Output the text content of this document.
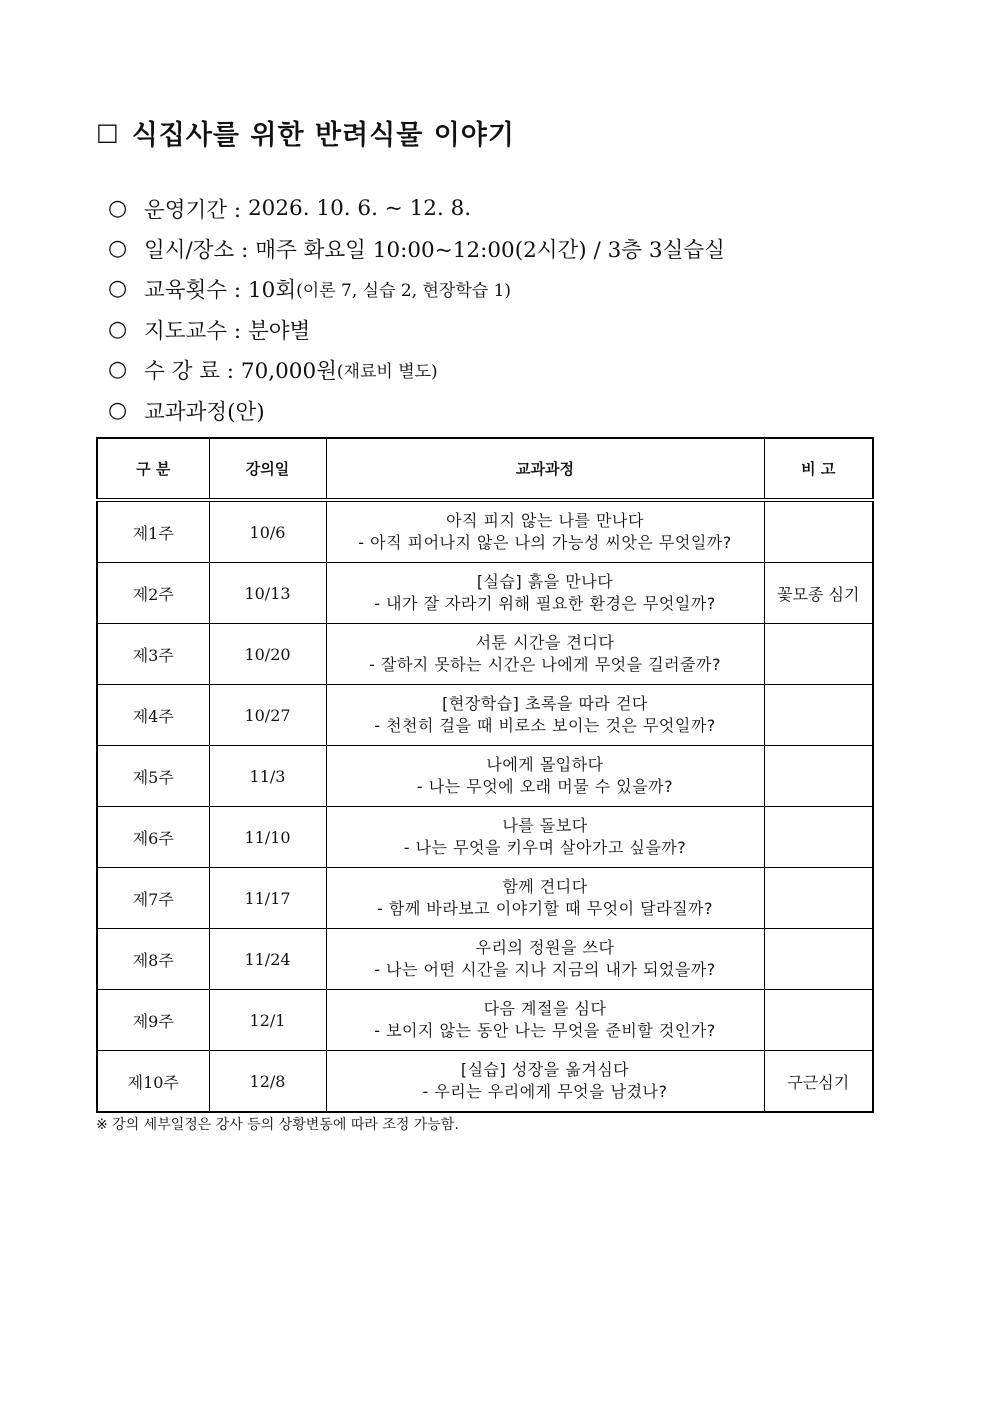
□ 식집사를 위한 반려식물 이야기
○ 운영기간 :
2026. 10. 6. ~ 12. 8.
○ 일시/장소 :
매주 화요일 10:00~12:00(2시간) / 3층 3실습실
○ 교육횟수 :
10회 (이론 7, 실습 2, 현장학습 1)
○ 지도교수 :
분야별
○ 수 강 료 :
70,000원 (재료비 별도)
○ 교과과정(안)
구 분	강의일	교과과정	비 고
제1주	10/6	아직 피지 않는 나를 만나다
- 아직 피어나지 않은 나의 가능성 씨앗은 무엇일까?	

제2주	10/13	[실습] 흙을 만나다
- 내가 잘 자라기 위해 필요한 환경은 무엇일까?	꽃모종 심기
제3주	10/20	서툰 시간을 견디다
- 잘하지 못하는 시간은 나에게 무엇을 길러줄까?	

제4주	10/27	[현장학습] 초록을 따라 걷다
- 천천히 걸을 때 비로소 보이는 것은 무엇일까?	

제5주	11/3	나에게 몰입하다
- 나는 무엇에 오래 머물 수 있을까?	

제6주	11/10	나를 돌보다
- 나는 무엇을 키우며 살아가고 싶을까?	

제7주	11/17	함께 견디다
- 함께 바라보고 이야기할 때 무엇이 달라질까?	

제8주	11/24	우리의 정원을 쓰다
- 나는 어떤 시간을 지나 지금의 내가 되었을까?	

제9주	12/1	다음 계절을 심다
- 보이지 않는 동안 나는 무엇을 준비할 것인가?	

제10주	12/8	[실습] 성장을 옮겨심다
- 우리는 우리에게 무엇을 남겼나?	구근심기
※ 강의 세부일정은 강사 등의 상황변동에 따라 조정 가능함.
